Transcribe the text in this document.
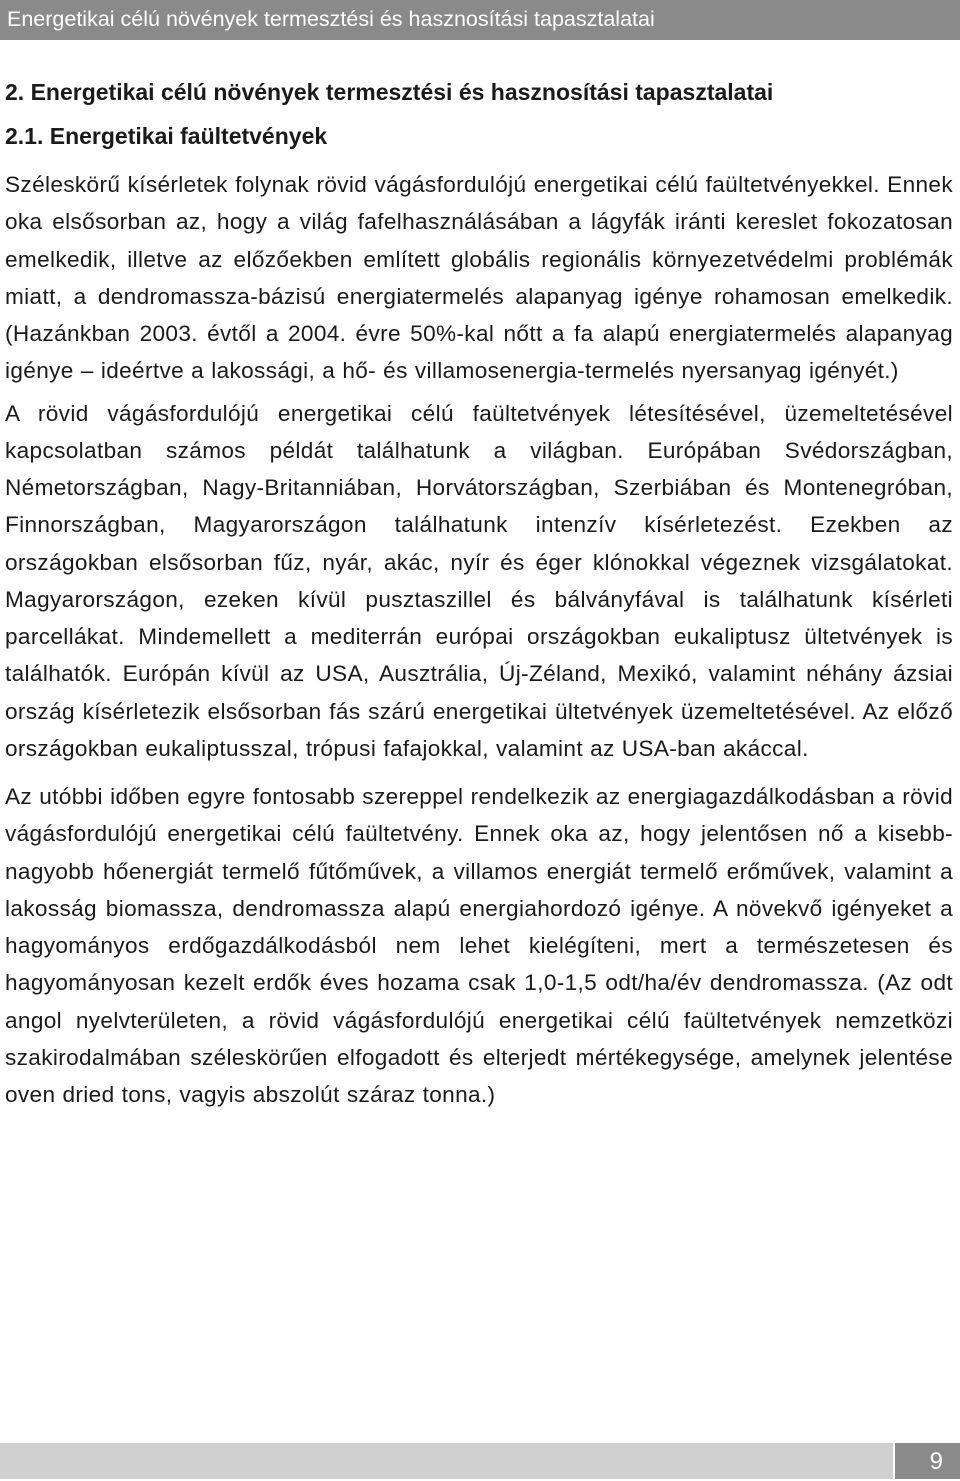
Energetikai célú növények termesztési és hasznosítási tapasztalatai
2. Energetikai célú növények termesztési és hasznosítási tapasztalatai
2.1. Energetikai faültetvények

Széleskörű kísérletek folynak rövid vágásfordulójú energetikai célú faültetvényekkel. Ennek oka elsősorban az, hogy a világ fafelhasználásában a lágyfák iránti kereslet fokozatosan emelkedik, illetve az előzőekben említett globális regionális környezetvédelmi problémák miatt, a dendromassza-bázisú energiatermelés alapanyag igénye rohamosan emelkedik. (Hazánkban 2003. évtől a 2004. évre 50%-kal nőtt a fa alapú energiatermelés alapanyag igénye – ideértve a lakossági, a hő- és villamosenergia-termelés nyersanyag igényét.)

A rövid vágásfordulójú energetikai célú faültetvények létesítésével, üzemeltetésével kapcsolatban számos példát találhatunk a világban. Európában Svédországban, Németországban, Nagy-Britanniában, Horvátországban, Szerbiában és Montenegróban, Finnországban, Magyarországon találhatunk intenzív kísérletezést. Ezekben az országokban elsősorban fűz, nyár, akác, nyír és éger klónokkal végeznek vizsgálatokat. Magyarországon, ezeken kívül pusztaszillel és bálványfával is találhatunk kísérleti parcellákat. Mindemellett a mediterrán európai országokban eukaliptusz ültetvények is találhatók. Európán kívül az USA, Ausztrália, Új-Zéland, Mexikó, valamint néhány ázsiai ország kísérletezik elsősorban fás szárú energetikai ültetvények üzemeltetésével. Az előző országokban eukaliptusszal, trópusi fafajokkal, valamint az USA-ban akáccal.

Az utóbbi időben egyre fontosabb szereppel rendelkezik az energiagazdálkodásban a rövid vágásfordulójú energetikai célú faültetvény. Ennek oka az, hogy jelentősen nő a kisebb-nagyobb hőenergiát termelő fűtőművek, a villamos energiát termelő erőművek, valamint a lakosság biomassza, dendromassza alapú energiahordozó igénye. A növekvő igényeket a hagyományos erdőgazdálkodásból nem lehet kielégíteni, mert a természetesen és hagyományosan kezelt erdők éves hozama csak 1,0-1,5 odt/ha/év dendromassza. (Az odt angol nyelvterületen, a rövid vágásfordulójú energetikai célú faültetvények nemzetközi szakirodalmában széleskörűen elfogadott és elterjedt mértékegysége, amelynek jelentése oven dried tons, vagyis abszolút száraz tonna.)

9
